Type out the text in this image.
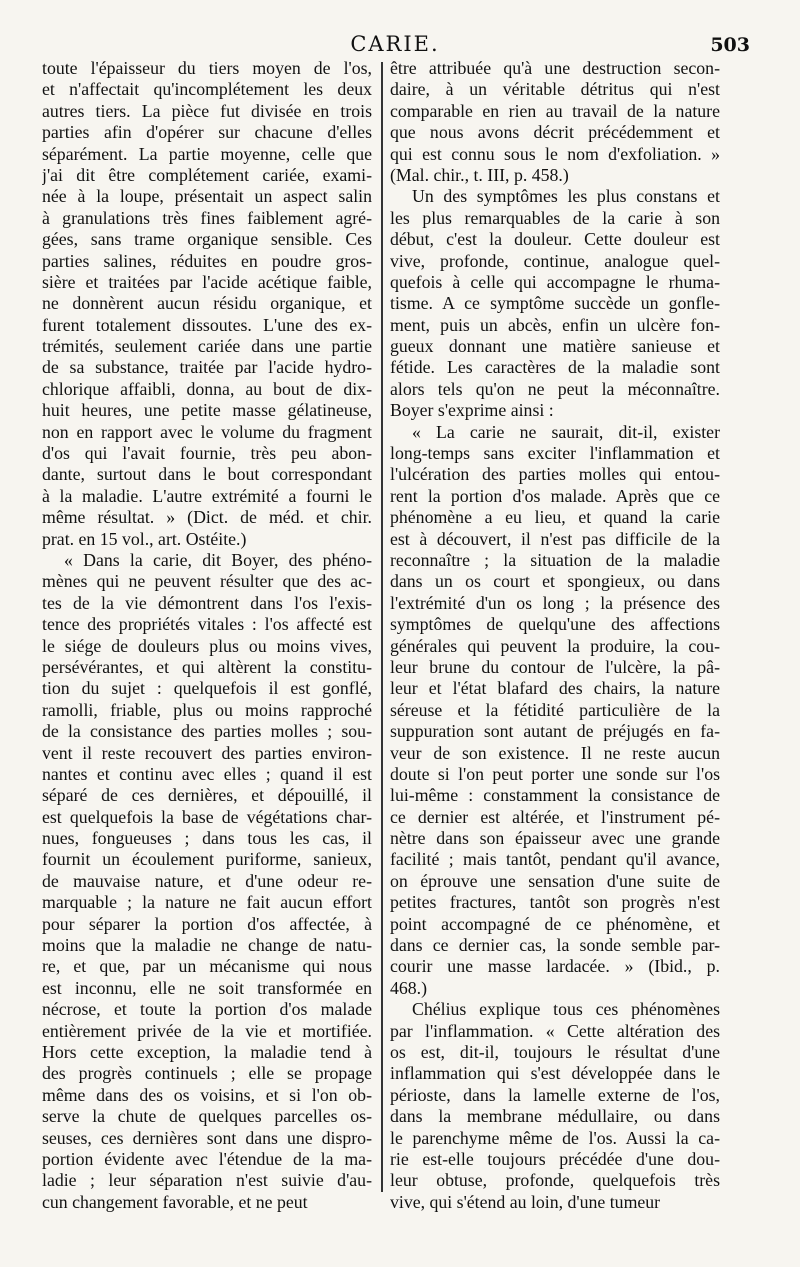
CARIE.	503
toute l'épaisseur du tiers moyen de l'os,
et n'affectait qu'incomplétement les deux
autres tiers. La pièce fut divisée en trois
parties afin d'opérer sur chacune d'elles
séparément. La partie moyenne, celle que
j'ai dit être complétement cariée, exami-
née à la loupe, présentait un aspect salin
à granulations très fines faiblement agré-
gées, sans trame organique sensible. Ces
parties salines, réduites en poudre gros-
sière et traitées par l'acide acétique faible,
ne donnèrent aucun résidu organique, et
furent totalement dissoutes. L'une des ex-
trémités, seulement cariée dans une partie
de sa substance, traitée par l'acide hydro-
chlorique affaibli, donna, au bout de dix-
huit heures, une petite masse gélatineuse,
non en rapport avec le volume du fragment
d'os qui l'avait fournie, très peu abon-
dante, surtout dans le bout correspondant
à la maladie. L'autre extrémité a fourni le
même résultat. » (Dict. de méd. et chir.
prat. en 15 vol., art. Ostéite.)
« Dans la carie, dit Boyer, des phéno-
mènes qui ne peuvent résulter que des ac-
tes de la vie démontrent dans l'os l'exis-
tence des propriétés vitales : l'os affecté est
le siége de douleurs plus ou moins vives,
persévérantes, et qui altèrent la constitu-
tion du sujet : quelquefois il est gonflé,
ramolli, friable, plus ou moins rapproché
de la consistance des parties molles ; sou-
vent il reste recouvert des parties environ-
nantes et continu avec elles ; quand il est
séparé de ces dernières, et dépouillé, il
est quelquefois la base de végétations char-
nues, fongueuses ; dans tous les cas, il
fournit un écoulement puriforme, sanieux,
de mauvaise nature, et d'une odeur re-
marquable ; la nature ne fait aucun effort
pour séparer la portion d'os affectée, à
moins que la maladie ne change de natu-
re, et que, par un mécanisme qui nous
est inconnu, elle ne soit transformée en
nécrose, et toute la portion d'os malade
entièrement privée de la vie et mortifiée.
Hors cette exception, la maladie tend à
des progrès continuels ; elle se propage
même dans des os voisins, et si l'on ob-
serve la chute de quelques parcelles os-
seuses, ces dernières sont dans une dispro-
portion évidente avec l'étendue de la ma-
ladie ; leur séparation n'est suivie d'au-
cun changement favorable, et ne peut
être attribuée qu'à une destruction secon-
daire, à un véritable détritus qui n'est
comparable en rien au travail de la nature
que nous avons décrit précédemment et
qui est connu sous le nom d'exfoliation. »
(Mal. chir., t. III, p. 458.)
Un des symptômes les plus constans et
les plus remarquables de la carie à son
début, c'est la douleur. Cette douleur est
vive, profonde, continue, analogue quel-
quefois à celle qui accompagne le rhuma-
tisme. A ce symptôme succède un gonfle-
ment, puis un abcès, enfin un ulcère fon-
gueux donnant une matière sanieuse et
fétide. Les caractères de la maladie sont
alors tels qu'on ne peut la méconnaître.
Boyer s'exprime ainsi :
« La carie ne saurait, dit-il, exister
long-temps sans exciter l'inflammation et
l'ulcération des parties molles qui entou-
rent la portion d'os malade. Après que ce
phénomène a eu lieu, et quand la carie
est à découvert, il n'est pas difficile de la
reconnaître ; la situation de la maladie
dans un os court et spongieux, ou dans
l'extrémité d'un os long ; la présence des
symptômes de quelqu'une des affections
générales qui peuvent la produire, la cou-
leur brune du contour de l'ulcère, la pâ-
leur et l'état blafard des chairs, la nature
séreuse et la fétidité particulière de la
suppuration sont autant de préjugés en fa-
veur de son existence. Il ne reste aucun
doute si l'on peut porter une sonde sur l'os
lui-même : constamment la consistance de
ce dernier est altérée, et l'instrument pé-
nètre dans son épaisseur avec une grande
facilité ; mais tantôt, pendant qu'il avance,
on éprouve une sensation d'une suite de
petites fractures, tantôt son progrès n'est
point accompagné de ce phénomène, et
dans ce dernier cas, la sonde semble par-
courir une masse lardacée. » (Ibid., p.
468.)
Chélius explique tous ces phénomènes
par l'inflammation. « Cette altération des
os est, dit-il, toujours le résultat d'une
inflammation qui s'est développée dans le
périoste, dans la lamelle externe de l'os,
dans la membrane médullaire, ou dans
le parenchyme même de l'os. Aussi la ca-
rie est-elle toujours précédée d'une dou-
leur obtuse, profonde, quelquefois très
vive, qui s'étend au loin, d'une tumeur
